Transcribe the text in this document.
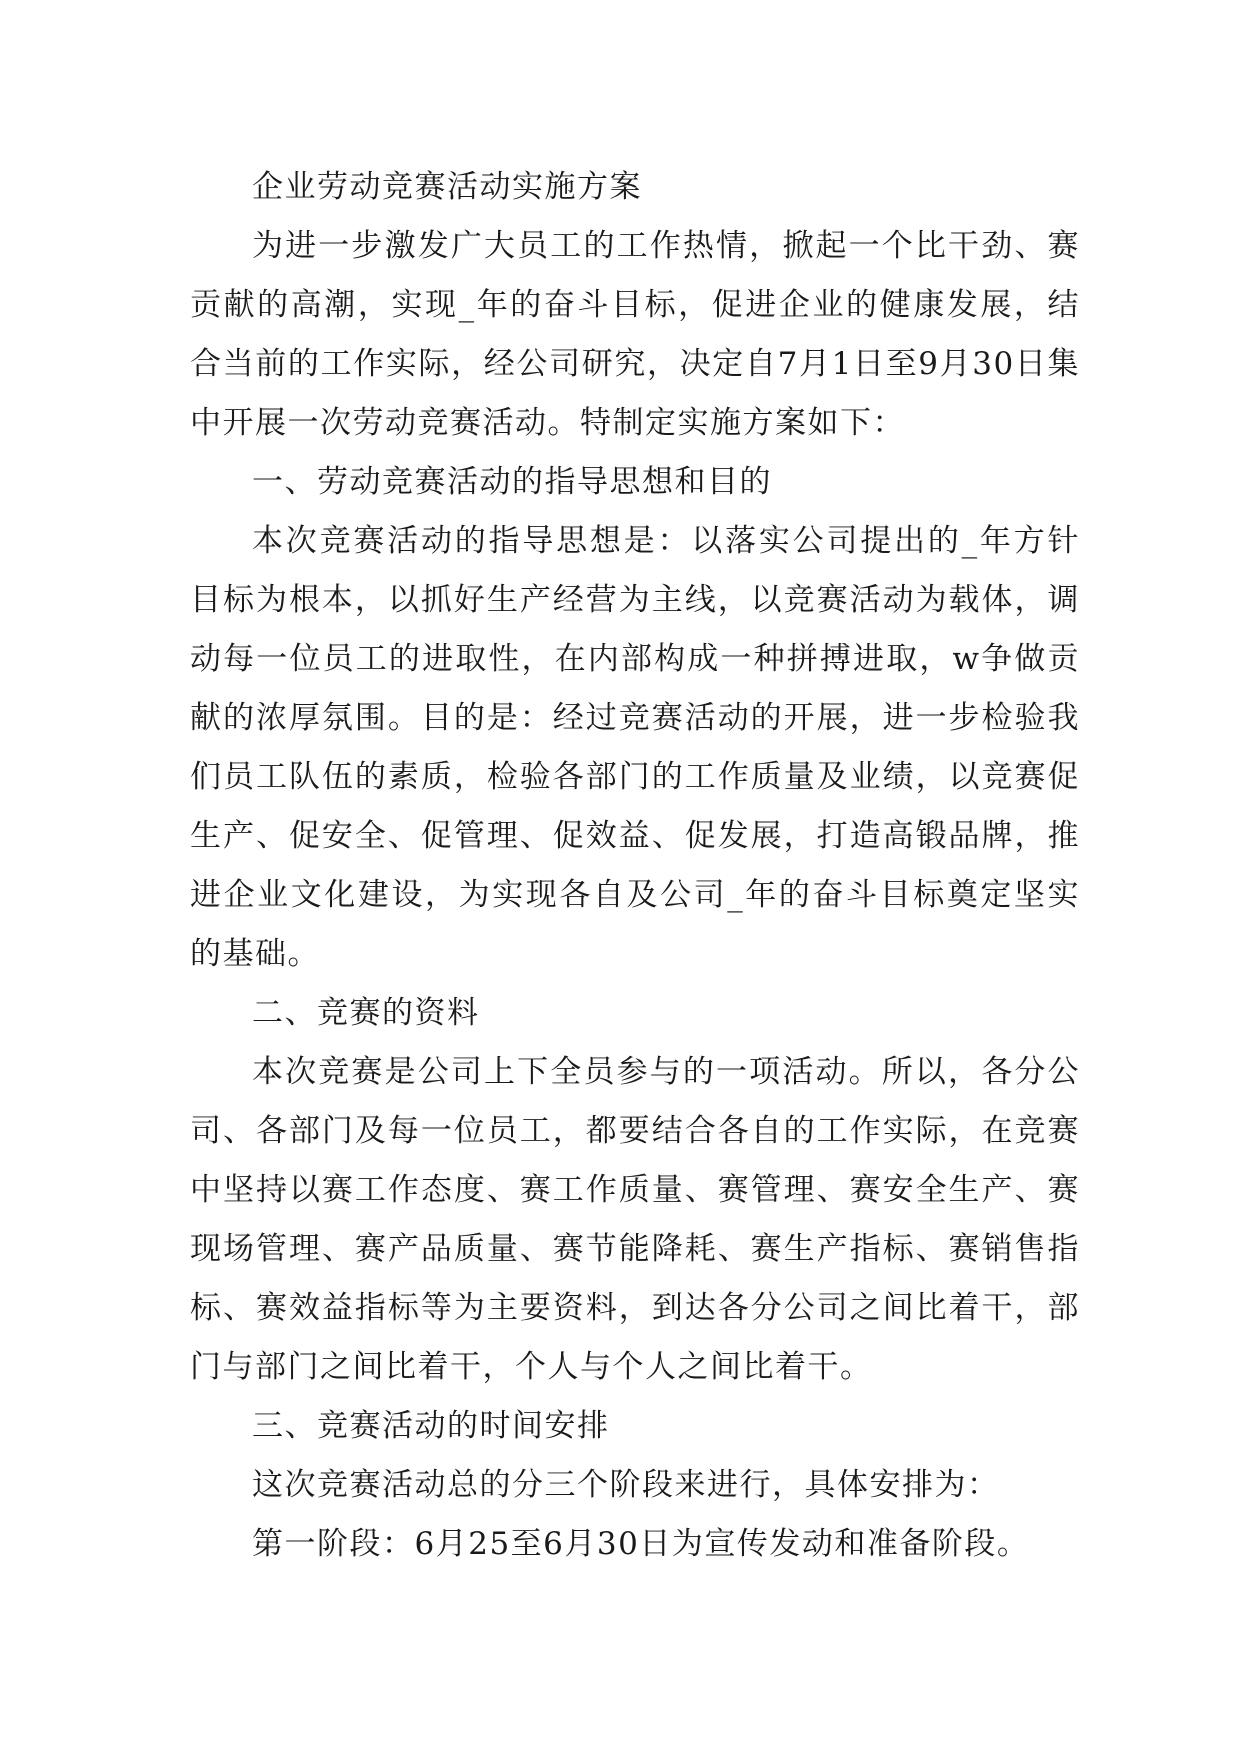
企业劳动竞赛活动实施方案

为进一步激发广大员工的工作热情，掀起一个比干劲、赛贡献的高潮，实现_年的奋斗目标，促进企业的健康发展，结合当前的工作实际，经公司研究，决定自7月1日至9月30日集中开展一次劳动竞赛活动。特制定实施方案如下：

一、劳动竞赛活动的指导思想和目的

本次竞赛活动的指导思想是：以落实公司提出的_年方针目标为根本，以抓好生产经营为主线，以竞赛活动为载体，调动每一位员工的进取性，在内部构成一种拼搏进取，w争做贡献的浓厚氛围。目的是：经过竞赛活动的开展，进一步检验我们员工队伍的素质，检验各部门的工作质量及业绩，以竞赛促生产、促安全、促管理、促效益、促发展，打造高锻品牌，推进企业文化建设，为实现各自及公司_年的奋斗目标奠定坚实的基础。

二、竞赛的资料

本次竞赛是公司上下全员参与的一项活动。所以，各分公司、各部门及每一位员工，都要结合各自的工作实际，在竞赛中坚持以赛工作态度、赛工作质量、赛管理、赛安全生产、赛现场管理、赛产品质量、赛节能降耗、赛生产指标、赛销售指标、赛效益指标等为主要资料，到达各分公司之间比着干，部门与部门之间比着干，个人与个人之间比着干。

三、竞赛活动的时间安排

这次竞赛活动总的分三个阶段来进行，具体安排为：

第一阶段：6月25至6月30日为宣传发动和准备阶段。
